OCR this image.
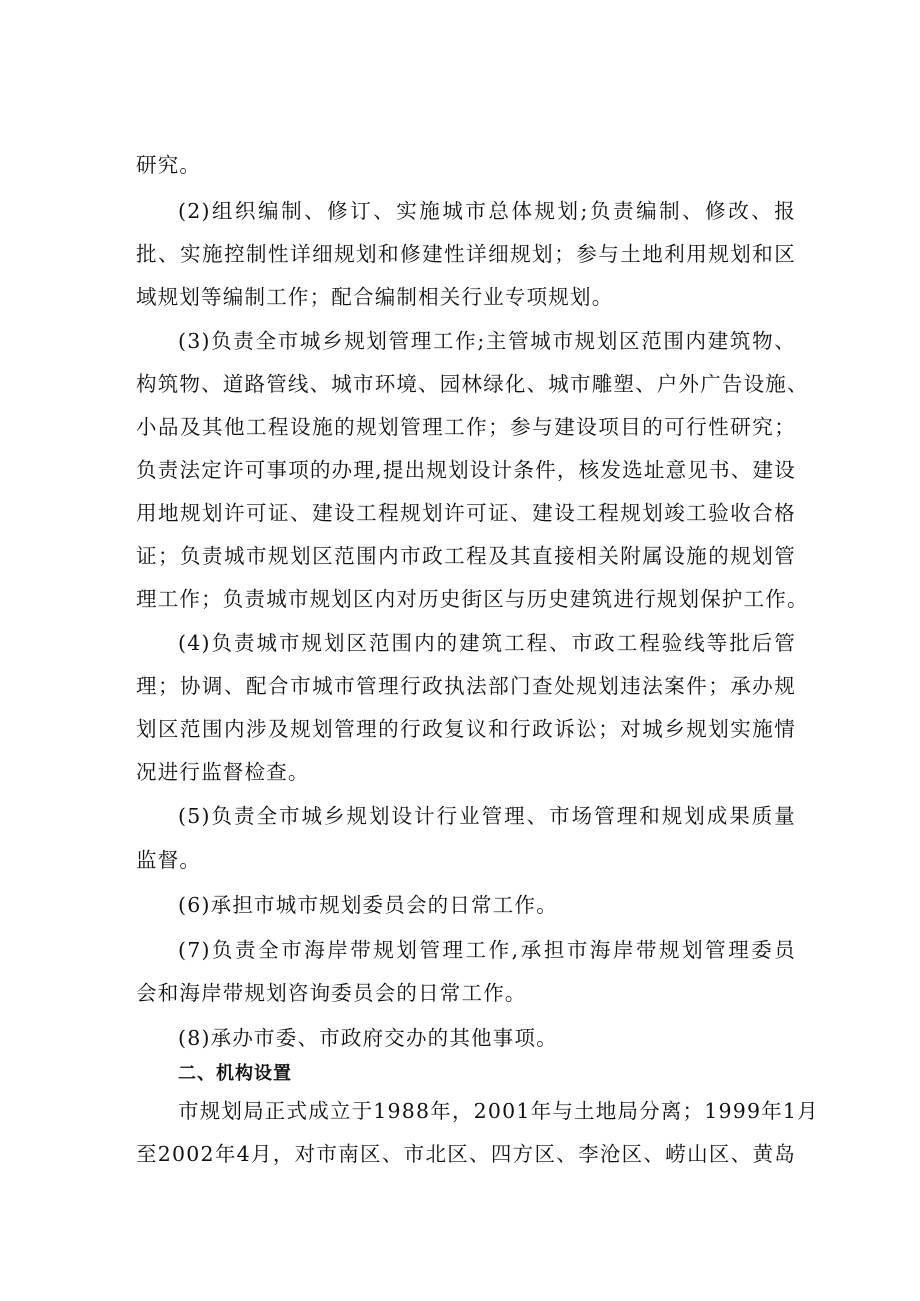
研究。
(2)组织编制、修订、实施城市总体规划;负责编制、修改、报
批、实施控制性详细规划和修建性详细规划；参与土地利用规划和区
域规划等编制工作；配合编制相关行业专项规划。
(3)负责全市城乡规划管理工作;主管城市规划区范围内建筑物、
构筑物、道路管线、城市环境、园林绿化、城市雕塑、户外广告设施、
小品及其他工程设施的规划管理工作；参与建设项目的可行性研究；
负责法定许可事项的办理,提出规划设计条件，核发选址意见书、建设
用地规划许可证、建设工程规划许可证、建设工程规划竣工验收合格
证；负责城市规划区范围内市政工程及其直接相关附属设施的规划管
理工作；负责城市规划区内对历史街区与历史建筑进行规划保护工作。
(4)负责城市规划区范围内的建筑工程、市政工程验线等批后管
理；协调、配合市城市管理行政执法部门查处规划违法案件；承办规
划区范围内涉及规划管理的行政复议和行政诉讼；对城乡规划实施情
况进行监督检查。
(5)负责全市城乡规划设计行业管理、市场管理和规划成果质量
监督。
(6)承担市城市规划委员会的日常工作。
(7)负责全市海岸带规划管理工作,承担市海岸带规划管理委员
会和海岸带规划咨询委员会的日常工作。
(8)承办市委、市政府交办的其他事项。
二、机构设置
市规划局正式成立于1988年，2001年与土地局分离；1999年1月
至2002年4月，对市南区、市北区、四方区、李沧区、崂山区、黄岛
